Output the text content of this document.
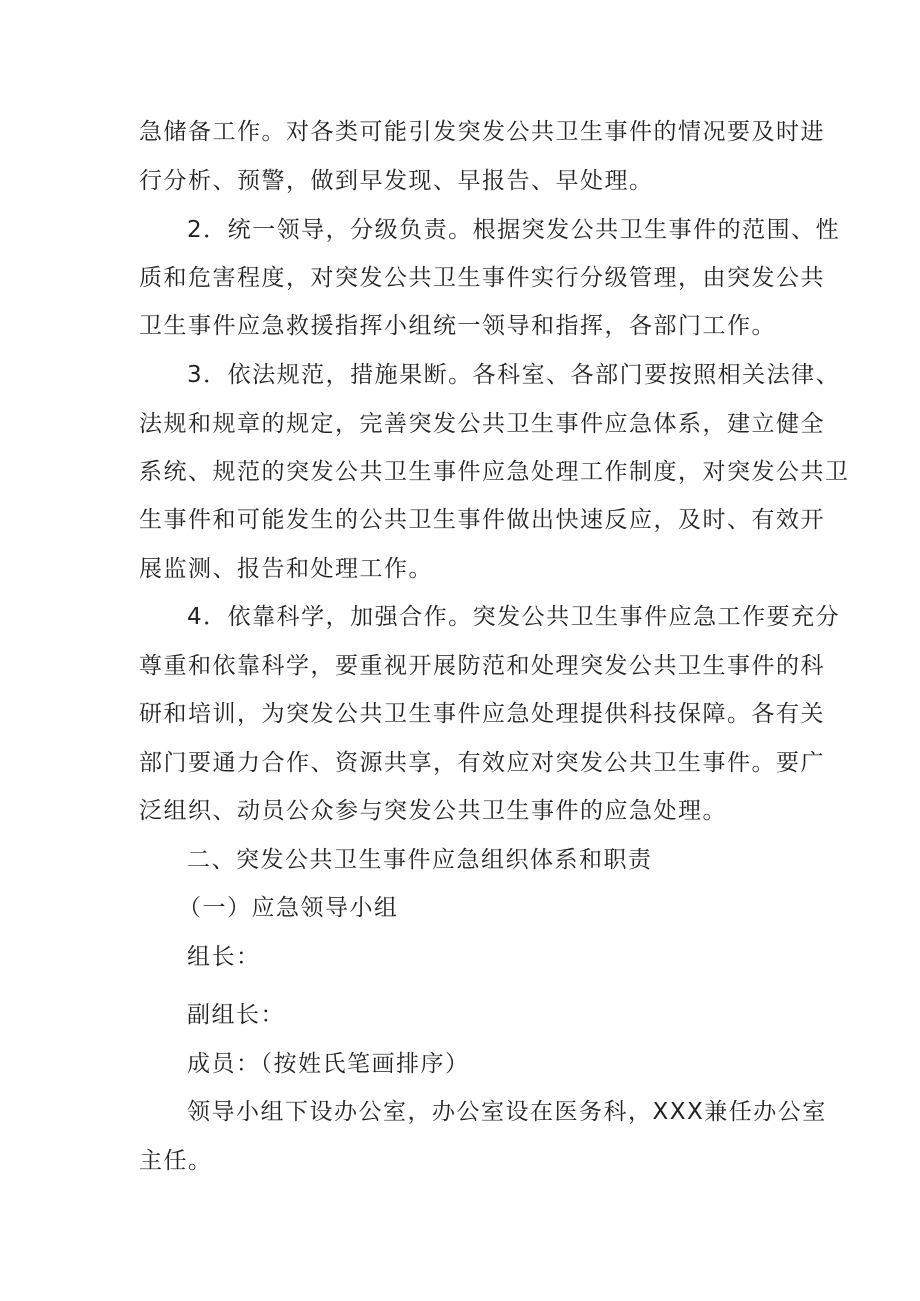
急储备工作。对各类可能引发突发公共卫生事件的情况要及时进
行分析、预警，做到早发现、早报告、早处理。
2．统一领导，分级负责。根据突发公共卫生事件的范围、性
质和危害程度，对突发公共卫生事件实行分级管理，由突发公共
卫生事件应急救援指挥小组统一领导和指挥，各部门工作。
3．依法规范，措施果断。各科室、各部门要按照相关法律、
法规和规章的规定，完善突发公共卫生事件应急体系，建立健全
系统、规范的突发公共卫生事件应急处理工作制度，对突发公共卫
生事件和可能发生的公共卫生事件做出快速反应，及时、有效开
展监测、报告和处理工作。
4．依靠科学，加强合作。突发公共卫生事件应急工作要充分
尊重和依靠科学，要重视开展防范和处理突发公共卫生事件的科
研和培训，为突发公共卫生事件应急处理提供科技保障。各有关
部门要通力合作、资源共享，有效应对突发公共卫生事件。要广
泛组织、动员公众参与突发公共卫生事件的应急处理。
二、突发公共卫生事件应急组织体系和职责
（一）应急领导小组
组长：
副组长：
成员：（按姓氏笔画排序）
领导小组下设办公室，办公室设在医务科，XXX兼任办公室
主任。
